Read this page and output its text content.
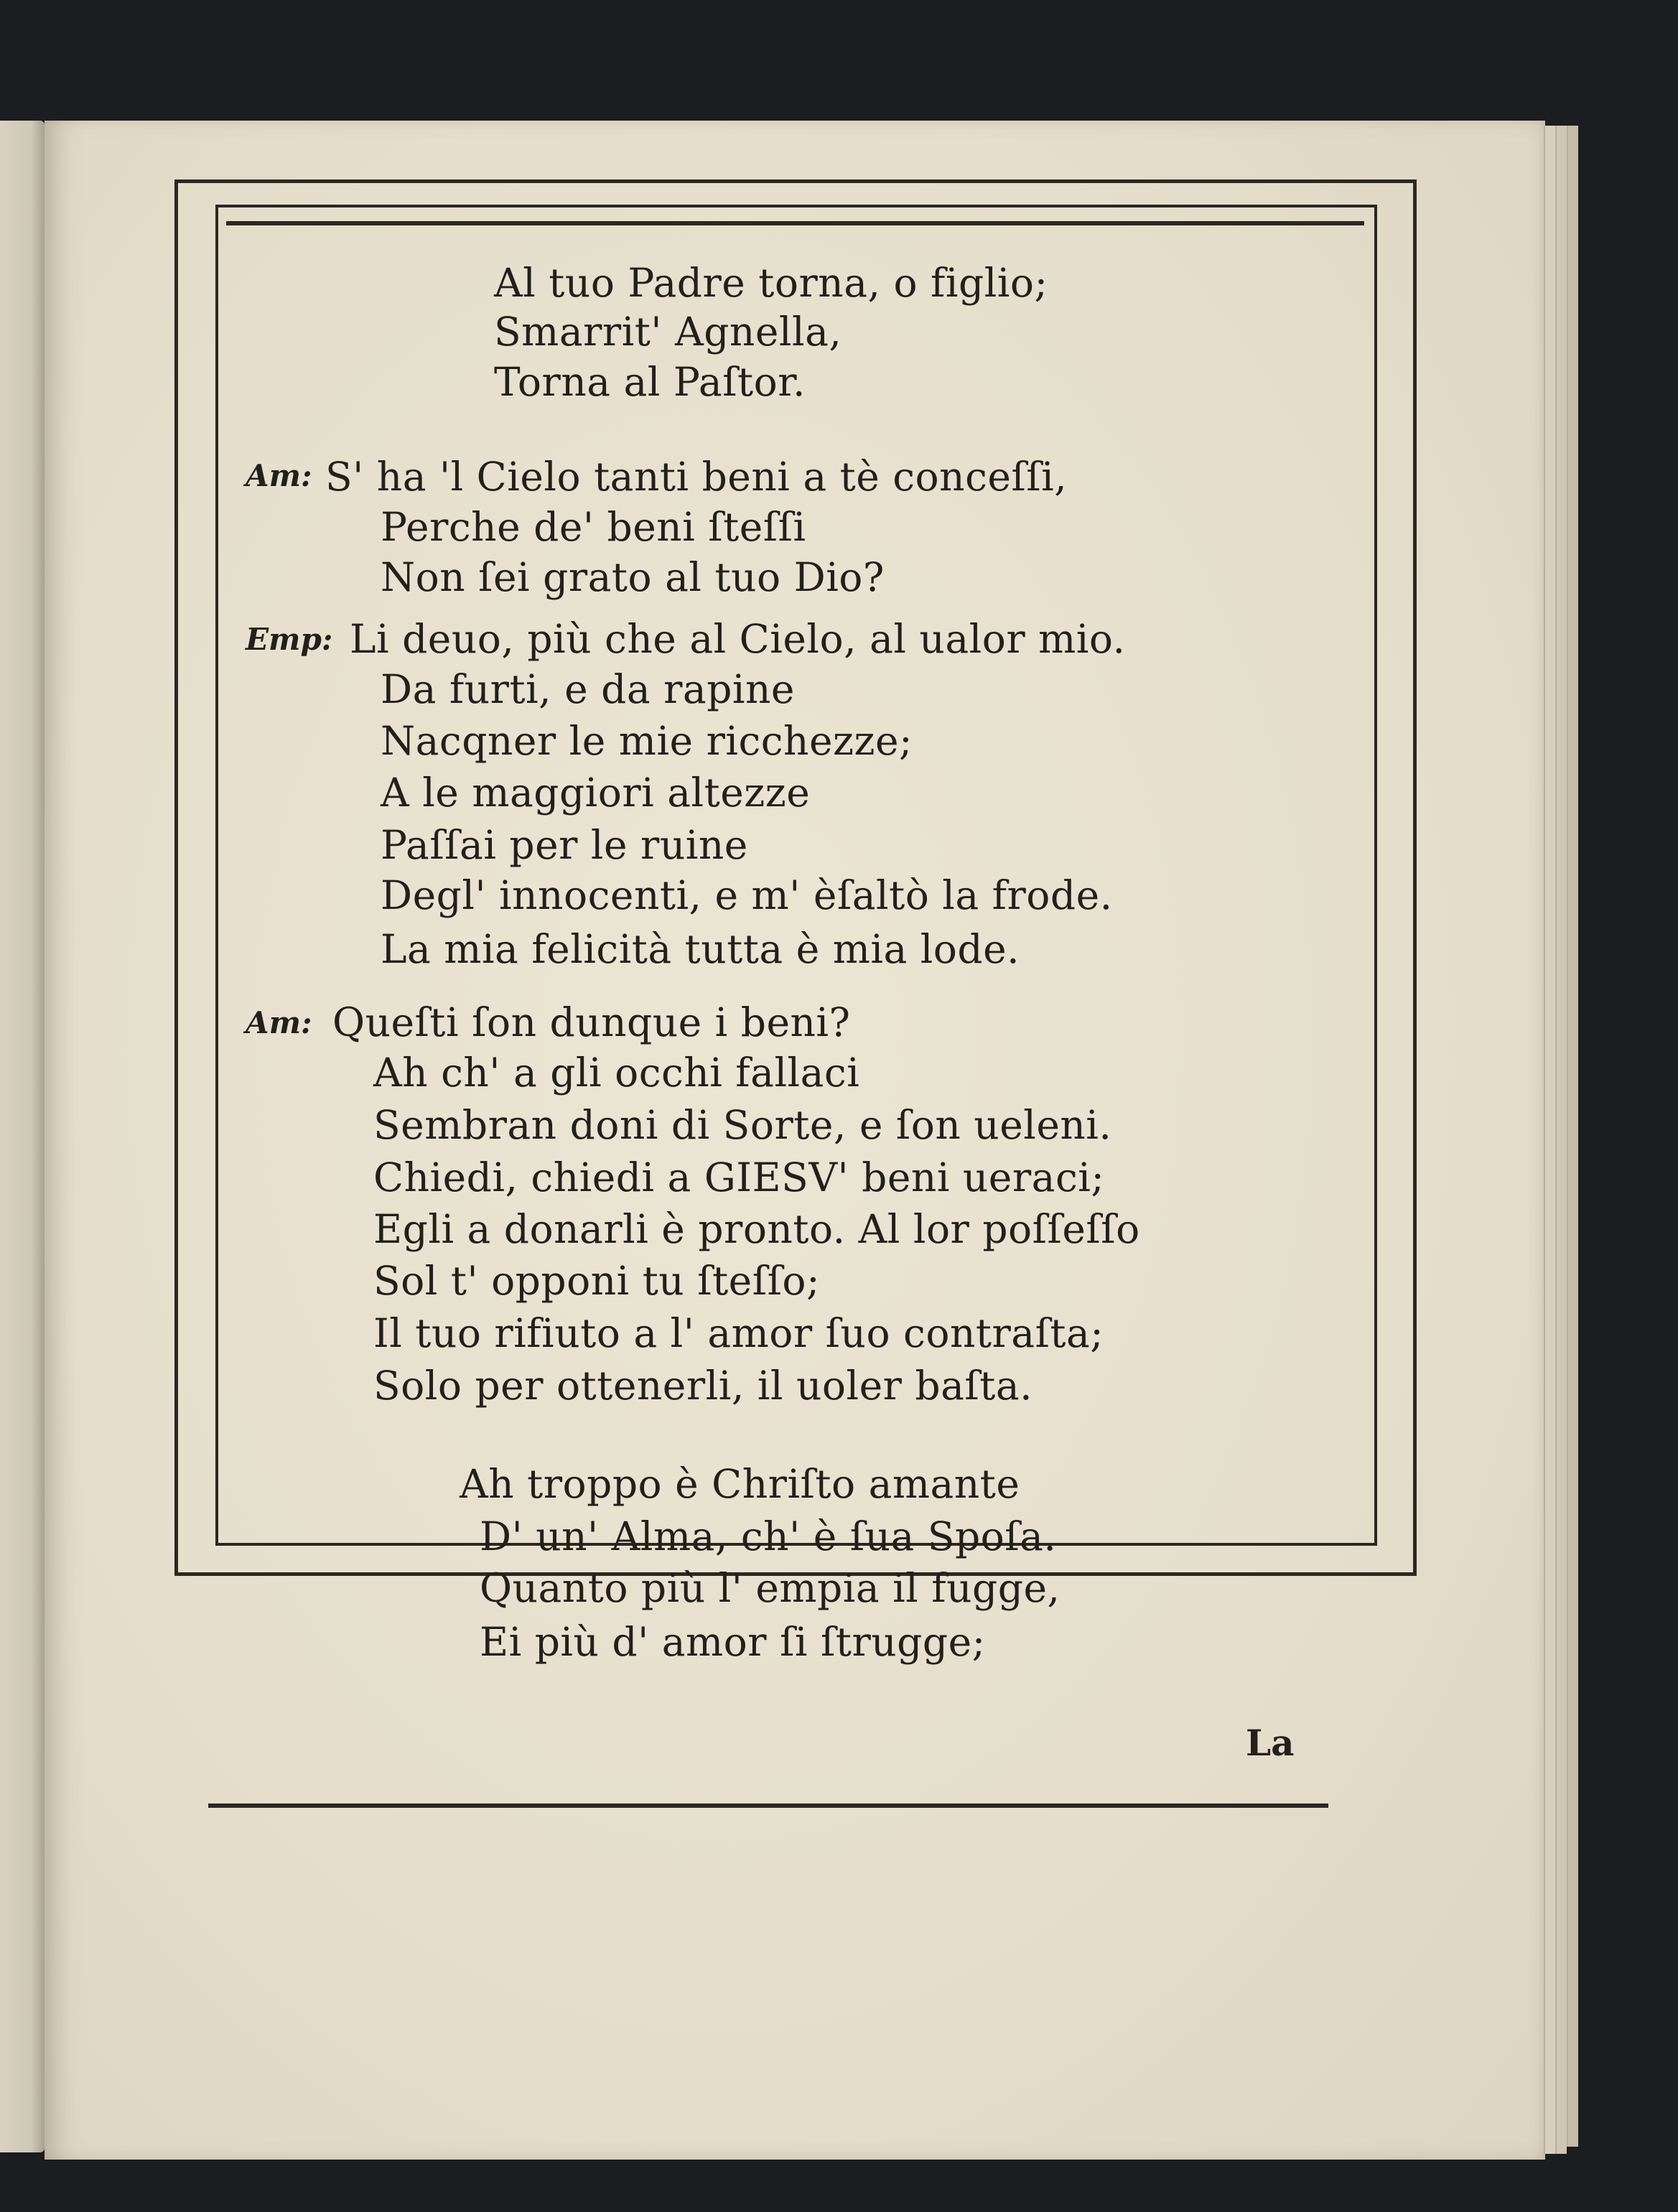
Al tuo Padre torna, o figlio;
Smarrit' Agnella,
Torna al Paſtor.
Am: S' ha 'l Cielo tanti beni a tè conceſſi,
Perche de' beni ſteſſi
Non ſei grato al tuo Dio?
Emp: Li deuo, più che al Cielo, al ualor mio.
Da furti, e da rapine
Nacqner le mie ricchezze;
A le maggiori altezze
Paſſai per le ruine
Degl' innocenti, e m' èſaltò la frode.
La mia felicità tutta è mia lode.
Am: Queſti ſon dunque i beni?
Ah ch' a gli occhi fallaci
Sembran doni di Sorte, e ſon ueleni.
Chiedi, chiedi a GIESV' beni ueraci;
Egli a donarli è pronto. Al lor poſſeſſo
Sol t' opponi tu ſteſſo;
Il tuo rifiuto a l' amor ſuo contraſta;
Solo per ottenerli, il uoler baſta.
Ah troppo è Chriſto amante
D' un' Alma, ch' è ſua Spoſa.
Quanto più l' empia il fugge,
Ei più d' amor ſi ſtrugge;
La
